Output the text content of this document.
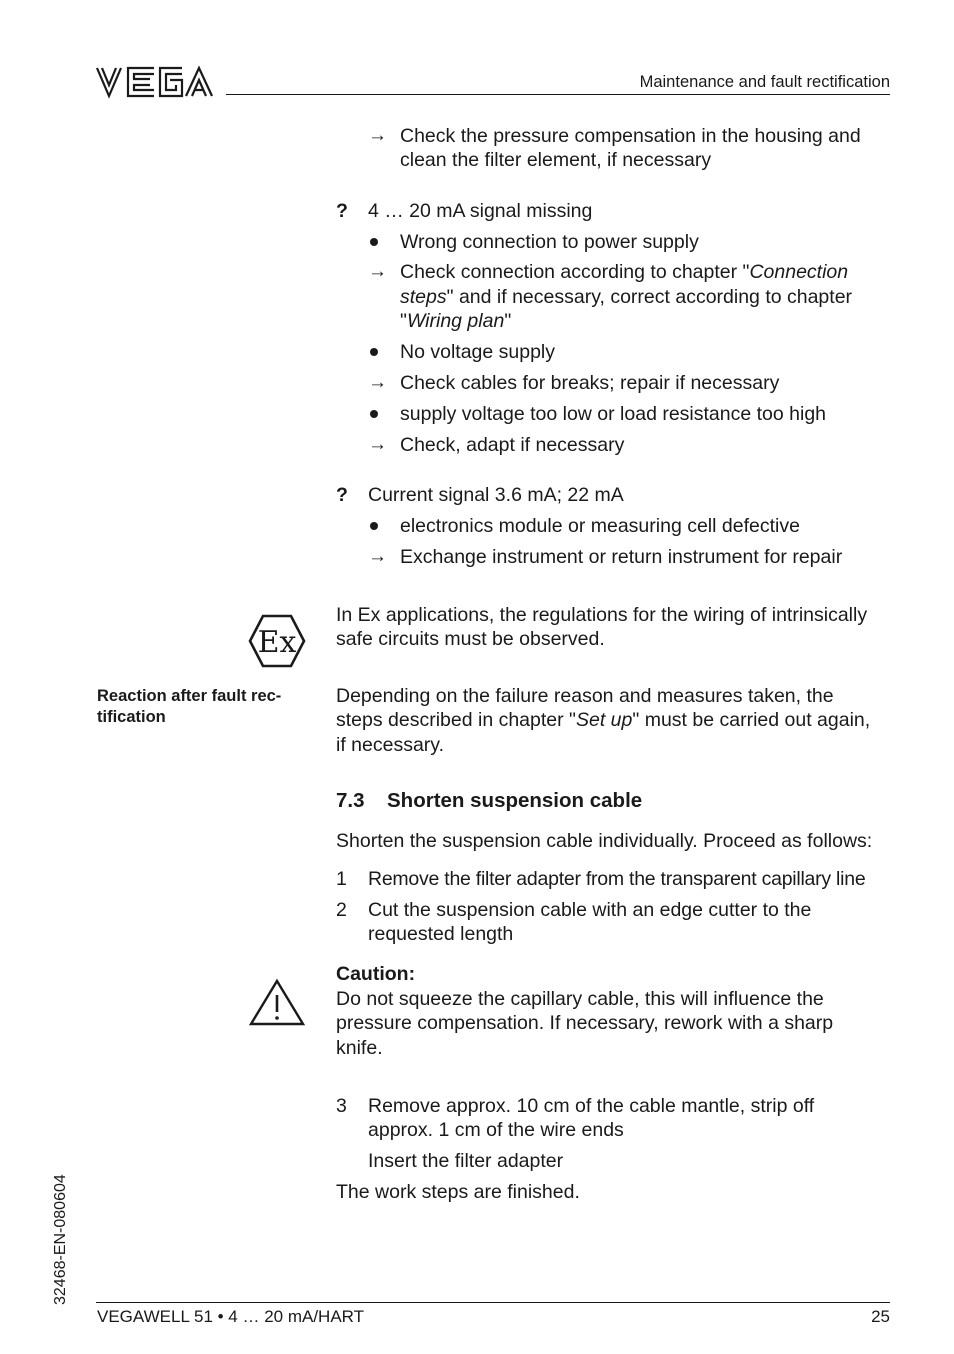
VEGA
Maintenance and fault rectification
→ Check the pressure compensation in the housing and
clean the filter element, if necessary
? 4 … 20 mA signal missing
Wrong connection to power supply
→ Check connection according to chapter "Connection
steps" and if necessary, correct according to chapter
"Wiring plan"
No voltage supply
→ Check cables for breaks; repair if necessary
supply voltage too low or load resistance too high
→ Check, adapt if necessary
? Current signal 3.6 mA; 22 mA
electronics module or measuring cell defective
→ Exchange instrument or return instrument for repair
Ex
In Ex applications, the regulations for the wiring of intrinsically
safe circuits must be observed.
Reaction after fault rec-
tification
Depending on the failure reason and measures taken, the
steps described in chapter "Set up" must be carried out again,
if necessary.
7.3 Shorten suspension cable
Shorten the suspension cable individually. Proceed as follows:
1 Remove the filter adapter from the transparent capillary line
2 Cut the suspension cable with an edge cutter to the
requested length
Caution:
Do not squeeze the capillary cable, this will influence the
pressure compensation. If necessary, rework with a sharp
knife.
3 Remove approx. 10 cm of the cable mantle, strip off
approx. 1 cm of the wire ends
Insert the filter adapter
The work steps are finished.
32468-EN-080604
VEGAWELL 51 • 4 … 20 mA/HART	25
